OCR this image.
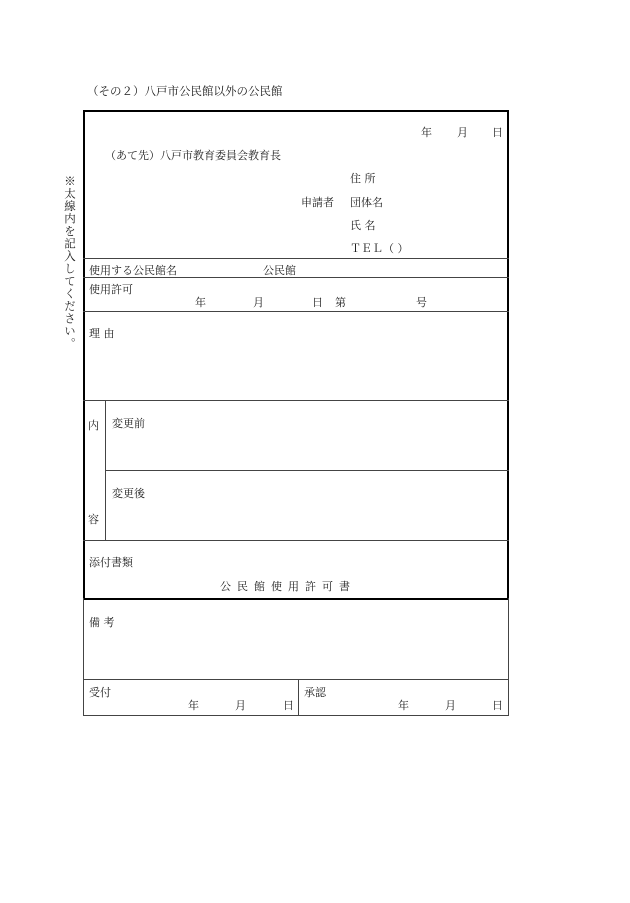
（その２）八戸市公民館以外の公民館
※太線内を記入してください。
年 月 日
（あて先）八戸市教育委員会教育長
住 所
申請者 団体名
氏 名
ＴＥＬ（ ）
使用する公民館名	公民館
使用許可
年	月	日 第	号
理 由
内
容
変更前
変更後
添付書類
公民館使用許可書
備 考
受付
年	月	日
承認
年	月	日
